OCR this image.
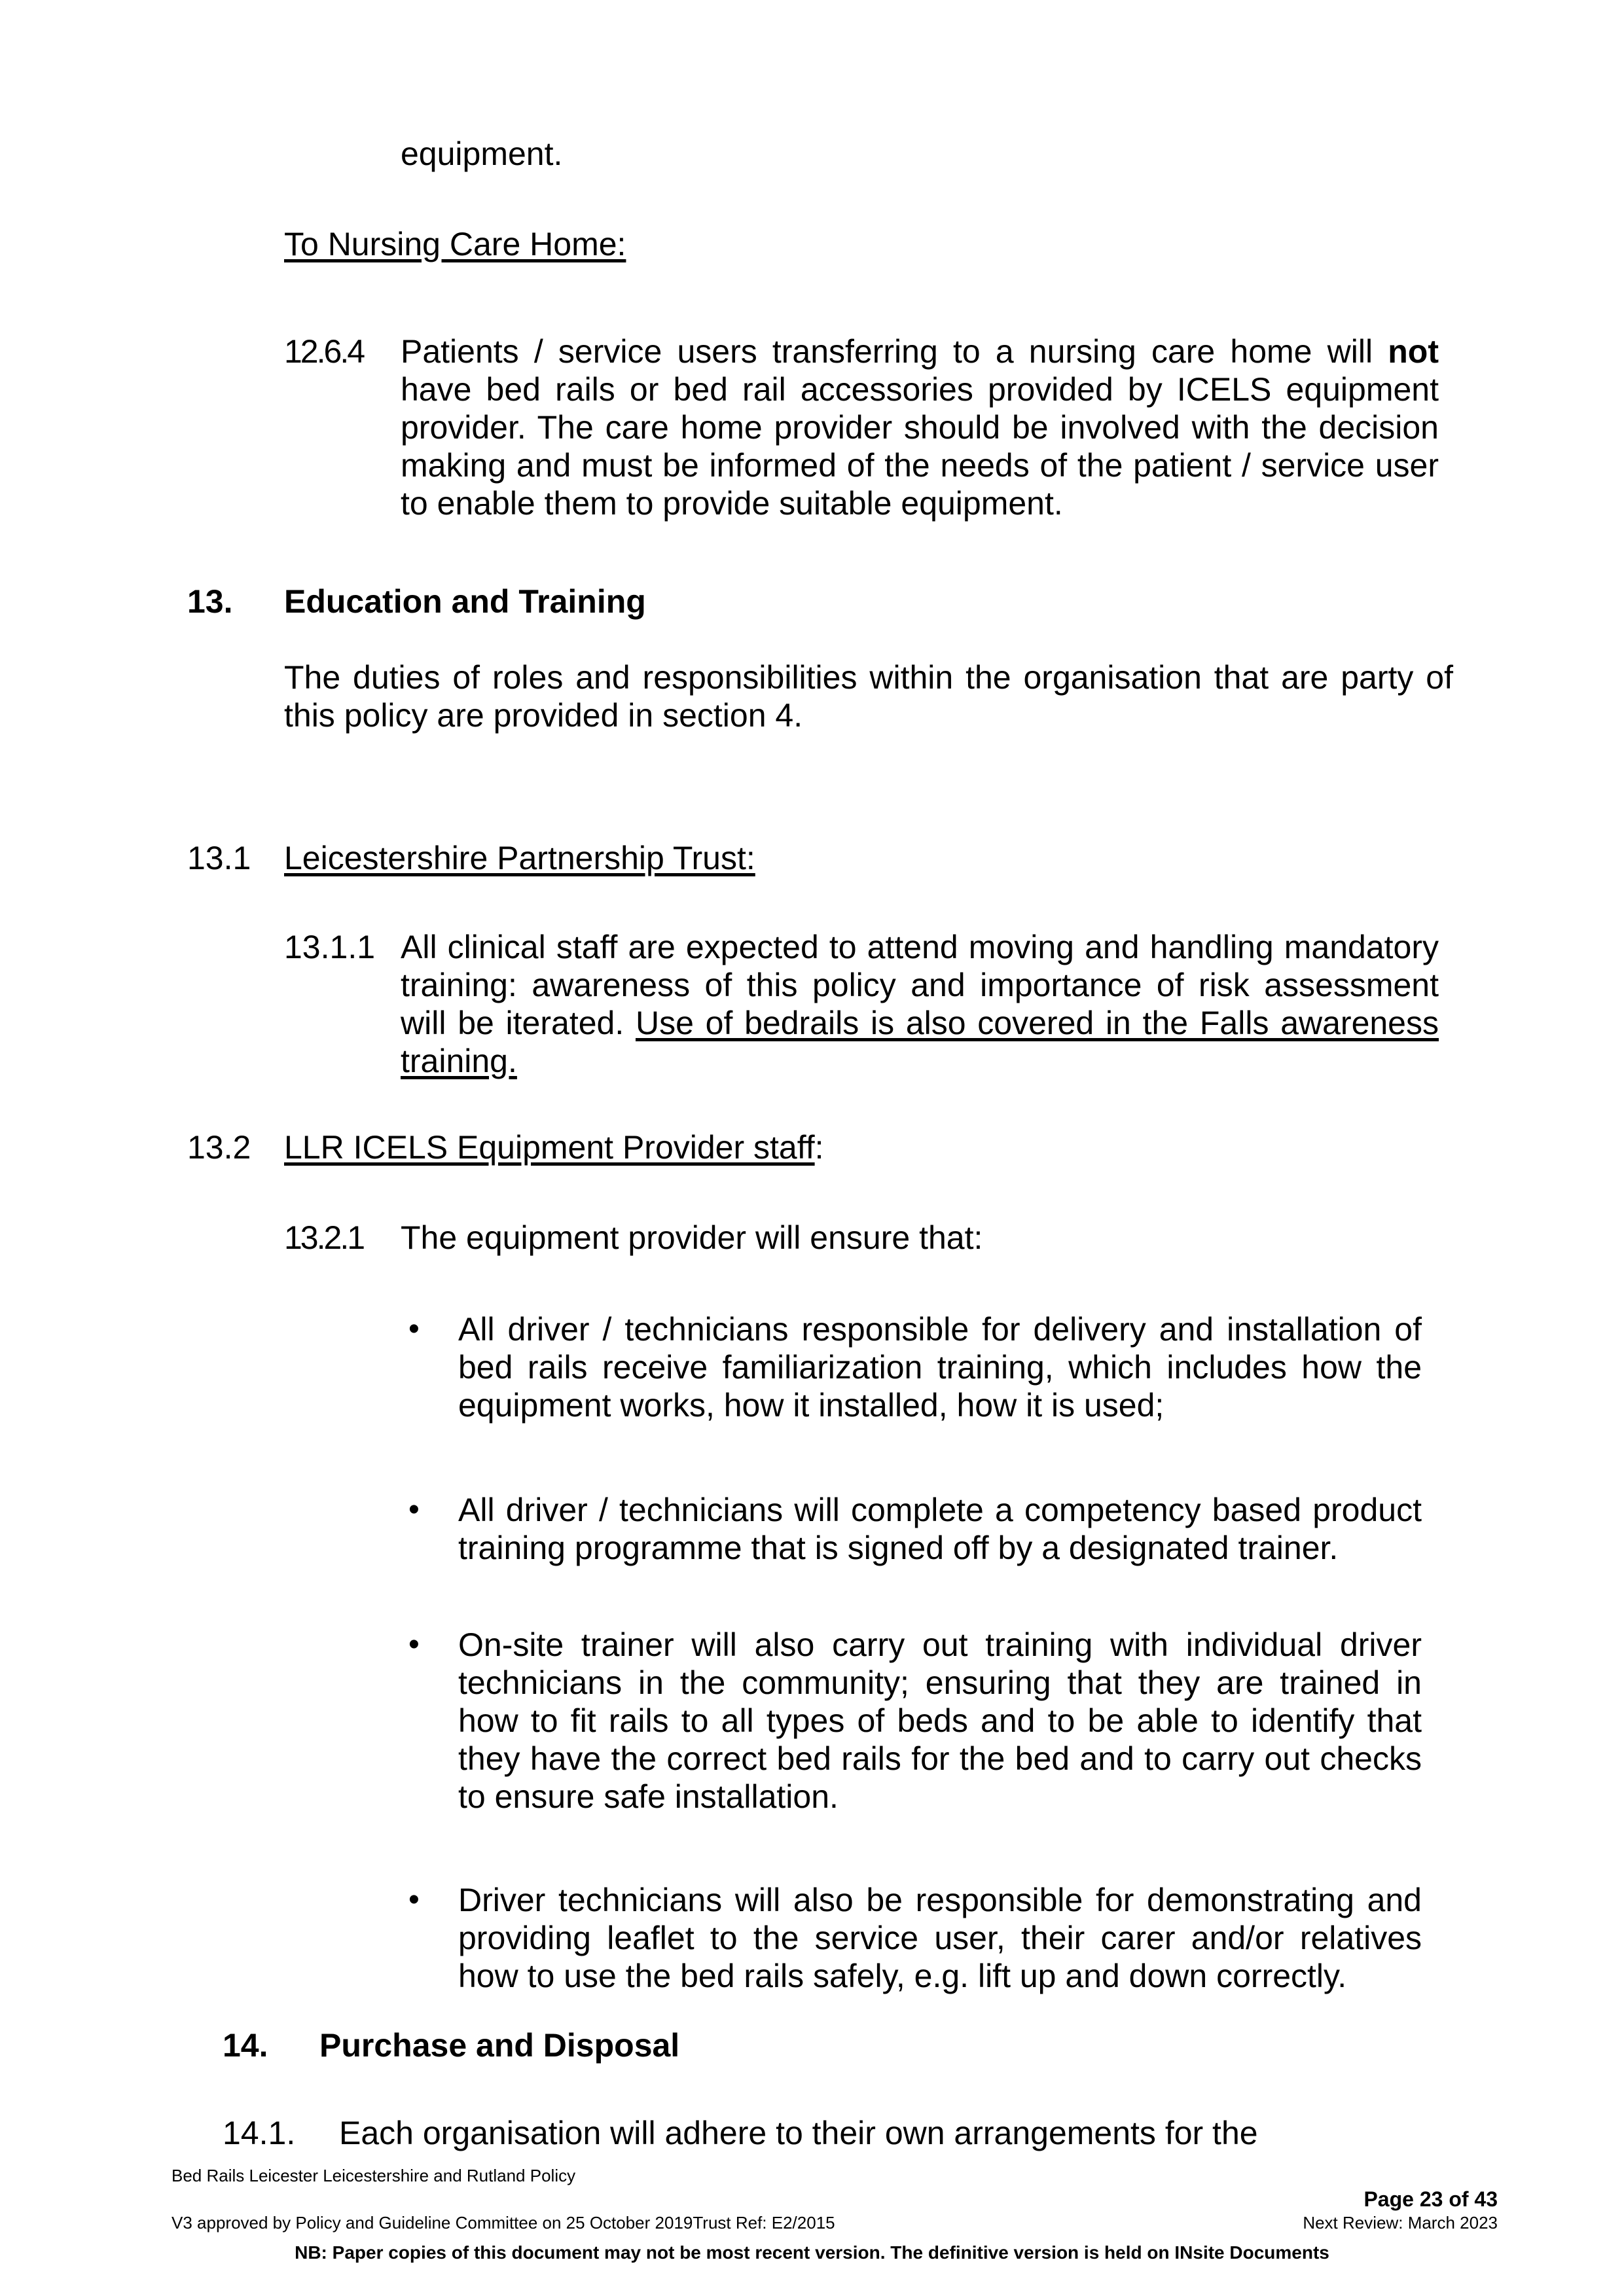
equipment.
To Nursing Care Home:
12.6.4 Patients / service users transferring to a nursing care home will not have bed rails or bed rail accessories provided by ICELS equipment provider. The care home provider should be involved with the decision making and must be informed of the needs of the patient / service user to enable them to provide suitable equipment.
13. Education and Training
The duties of roles and responsibilities within the organisation that are party of this policy are provided in section 4.
13.1 Leicestershire Partnership Trust:
13.1.1 All clinical staff are expected to attend moving and handling mandatory training: awareness of this policy and importance of risk assessment will be iterated. Use of bedrails is also covered in the Falls awareness training.
13.2 LLR ICELS Equipment Provider staff:
13.2.1 The equipment provider will ensure that:
• All driver / technicians responsible for delivery and installation of bed rails receive familiarization training, which includes how the equipment works, how it installed, how it is used;
• All driver / technicians will complete a competency based product training programme that is signed off by a designated trainer.
• On-site trainer will also carry out training with individual driver technicians in the community; ensuring that they are trained in how to fit rails to all types of beds and to be able to identify that they have the correct bed rails for the bed and to carry out checks to ensure safe installation.
• Driver technicians will also be responsible for demonstrating and providing leaflet to the service user, their carer and/or relatives how to use the bed rails safely, e.g. lift up and down correctly.
14. Purchase and Disposal
14.1. Each organisation will adhere to their own arrangements for the
Bed Rails Leicester Leicestershire and Rutland Policy
Page 23 of 43
V3 approved by Policy and Guideline Committee on 25 October 2019Trust Ref: E2/2015	Next Review: March 2023
NB: Paper copies of this document may not be most recent version. The definitive version is held on INsite Documents
